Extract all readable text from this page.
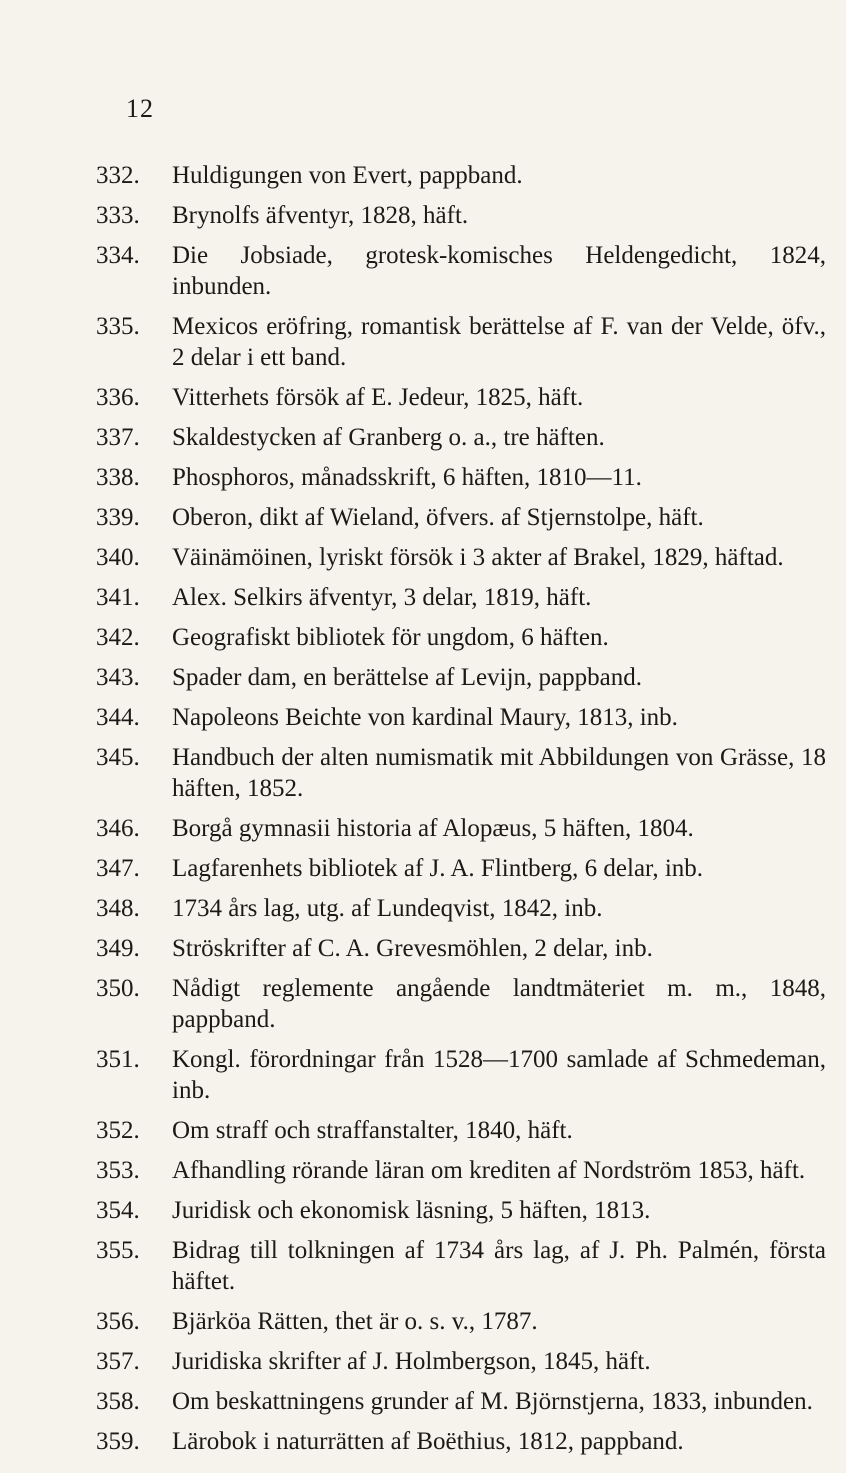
12
332.	Huldigungen von Evert, pappband.
333.	Brynolfs äfventyr, 1828, häft.
334.	Die Jobsiade, grotesk-komisches Heldengedicht, 1824, inbunden.
335.	Mexicos eröfring, romantisk berättelse af F. van der Velde, öfv., 2 delar i ett band.
336.	Vitterhets försök af E. Jedeur, 1825, häft.
337.	Skaldestycken af Granberg o. a., tre häften.
338.	Phosphoros, månadsskrift, 6 häften, 1810—11.
339.	Oberon, dikt af Wieland, öfvers. af Stjernstolpe, häft.
340.	Väinämöinen, lyriskt försök i 3 akter af Brakel, 1829, häftad.
341.	Alex. Selkirs äfventyr, 3 delar, 1819, häft.
342.	Geografiskt bibliotek för ungdom, 6 häften.
343.	Spader dam, en berättelse af Levijn, pappband.
344.	Napoleons Beichte von kardinal Maury, 1813, inb.
345.	Handbuch der alten numismatik mit Abbildungen von Grässe, 18 häften, 1852.
346.	Borgå gymnasii historia af Alopæus, 5 häften, 1804.
347.	Lagfarenhets bibliotek af J. A. Flintberg, 6 delar, inb.
348.	1734 års lag, utg. af Lundeqvist, 1842, inb.
349.	Ströskrifter af C. A. Grevesmöhlen, 2 delar, inb.
350.	Nådigt reglemente angående landtmäteriet m. m., 1848, pappband.
351.	Kongl. förordningar från 1528—1700 samlade af Schmedeman, inb.
352.	Om straff och straffanstalter, 1840, häft.
353.	Afhandling rörande läran om krediten af Nordström 1853, häft.
354.	Juridisk och ekonomisk läsning, 5 häften, 1813.
355.	Bidrag till tolkningen af 1734 års lag, af J. Ph. Palmén, första häftet.
356.	Bjärköa Rätten, thet är o. s. v., 1787.
357.	Juridiska skrifter af J. Holmbergson, 1845, häft.
358.	Om beskattningens grunder af M. Björnstjerna, 1833, inbunden.
359.	Lärobok i naturrätten af Boëthius, 1812, pappband.
